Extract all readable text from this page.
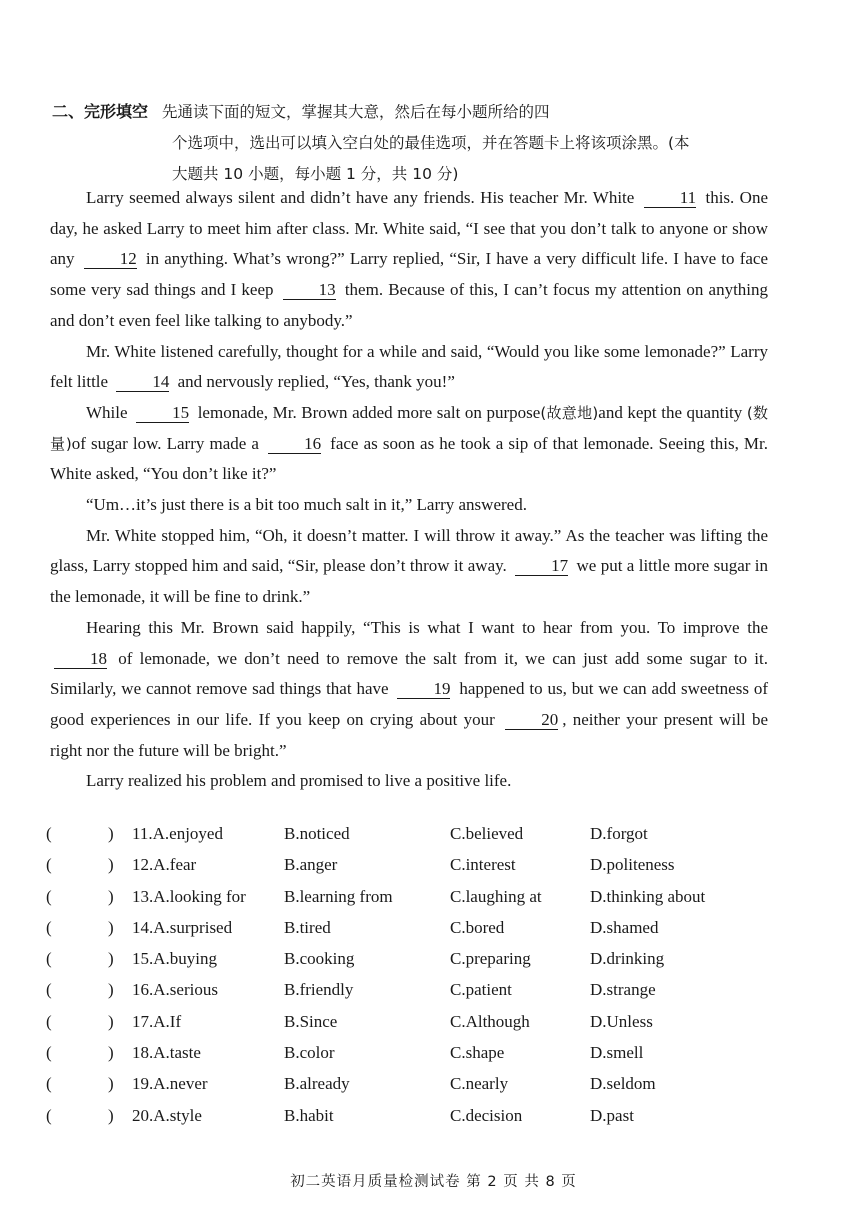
二、完形填空 先通读下面的短文，掌握其大意，然后在每小题所给的四
个选项中，选出可以填入空白处的最佳选项，并在答题卡上将该项涂黑。(本
大题共 10 小题，每小题 1 分，共 10 分)

Larry seemed always silent and didn’t have any friends. His teacher Mr. White	11 this. One day, he asked Larry to meet him after class. Mr. White said, “I see that you don’t talk to anyone or show any	12 in anything. What’s wrong?” Larry replied, “Sir, I have a very difficult life. I have to face some very sad things and I keep	13 them. Because of this, I can’t focus my attention on anything and don’t even feel like talking to anybody.”

Mr. White listened carefully, thought for a while and said, “Would you like some lemonade?” Larry felt little	14 and nervously replied, “Yes, thank you!”

While	15 lemonade, Mr. Brown added more salt on purpose(故意地)and kept the quantity (数量)of sugar low. Larry made a	16 face as soon as he took a sip of that lemonade. Seeing this, Mr. White asked, “You don’t like it?”

“Um…it’s just there is a bit too much salt in it,” Larry answered.

Mr. White stopped him, “Oh, it doesn’t matter. I will throw it away.” As the teacher was lifting the glass, Larry stopped him and said, “Sir, please don’t throw it away.	17 we put a little more sugar in the lemonade, it will be fine to drink.”

Hearing this Mr. Brown said happily, “This is what I want to hear from you. To improve the 18 of lemonade, we don’t need to remove the salt from it, we can just add some sugar to it. Similarly, we cannot remove sad things that have	19 happened to us, but we can add sweetness of good experiences in our life. If you keep on crying about your	20 , neither your present will be right nor the future will be bright.”

Larry realized his problem and promised to live a positive life.

(	) 11.A.enjoyed	B.noticed	C.believed	D.forgot
(	) 12.A.fear	B.anger	C.interest	D.politeness
(	) 13.A.looking for B.learning from	C.laughing at	D.thinking about
(	) 14.A.surprised	B.tired	C.bored	D.shamed
(	) 15.A.buying	B.cooking	C.preparing	D.drinking
(	) 16.A.serious	B.friendly	C.patient	D.strange
(	) 17.A.If	B.Since	C.Although	D.Unless
(	) 18.A.taste	B.color	C.shape	D.smell
(	) 19.A.never	B.already	C.nearly	D.seldom
(	) 20.A.style	B.habit	C.decision	D.past
初二英语月质量检测试卷 第 2 页 共 8 页
